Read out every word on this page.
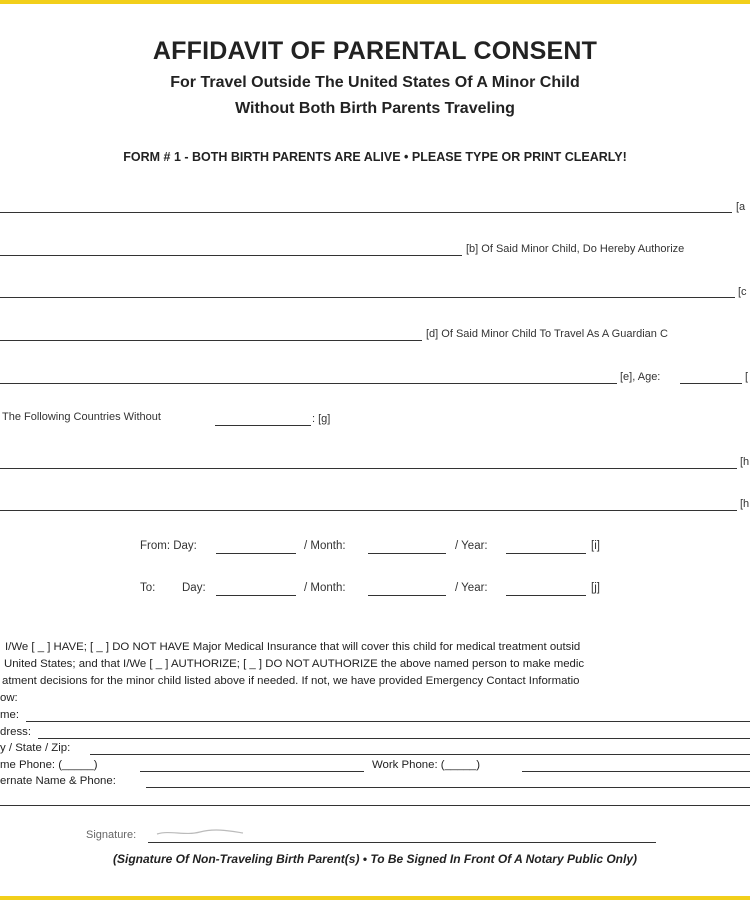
AFFIDAVIT OF PARENTAL CONSENT
For Travel Outside The United States Of A Minor Child
Without Both Birth Parents Traveling
FORM # 1 - BOTH BIRTH PARENTS ARE ALIVE • PLEASE TYPE OR PRINT CLEARLY!
[a
[b] Of Said Minor Child, Do Hereby Authorize
[c
[d] Of Said Minor Child To Travel As A Guardian C
[e], Age:	[
The Following Countries Without	: [g]
[h
[h
From: Day:	/ Month:	/ Year:	[i]
To: Day:	/ Month:	/ Year:	[j]
I/We [ _ ] HAVE; [ _ ] DO NOT HAVE Major Medical Insurance that will cover this child for medical treatment outsid
United States; and that I/We [ _ ] AUTHORIZE; [ _ ] DO NOT AUTHORIZE the above named person to make medic
atment decisions for the minor child listed above if needed. If not, we have provided Emergency Contact Informatio
ow:
me:
dress:
y / State / Zip:
me Phone: (_____)	Work Phone: (_____)
ernate Name & Phone:
Signature:
(Signature Of Non-Traveling Birth Parent(s) • To Be Signed In Front Of A Notary Public Only)
